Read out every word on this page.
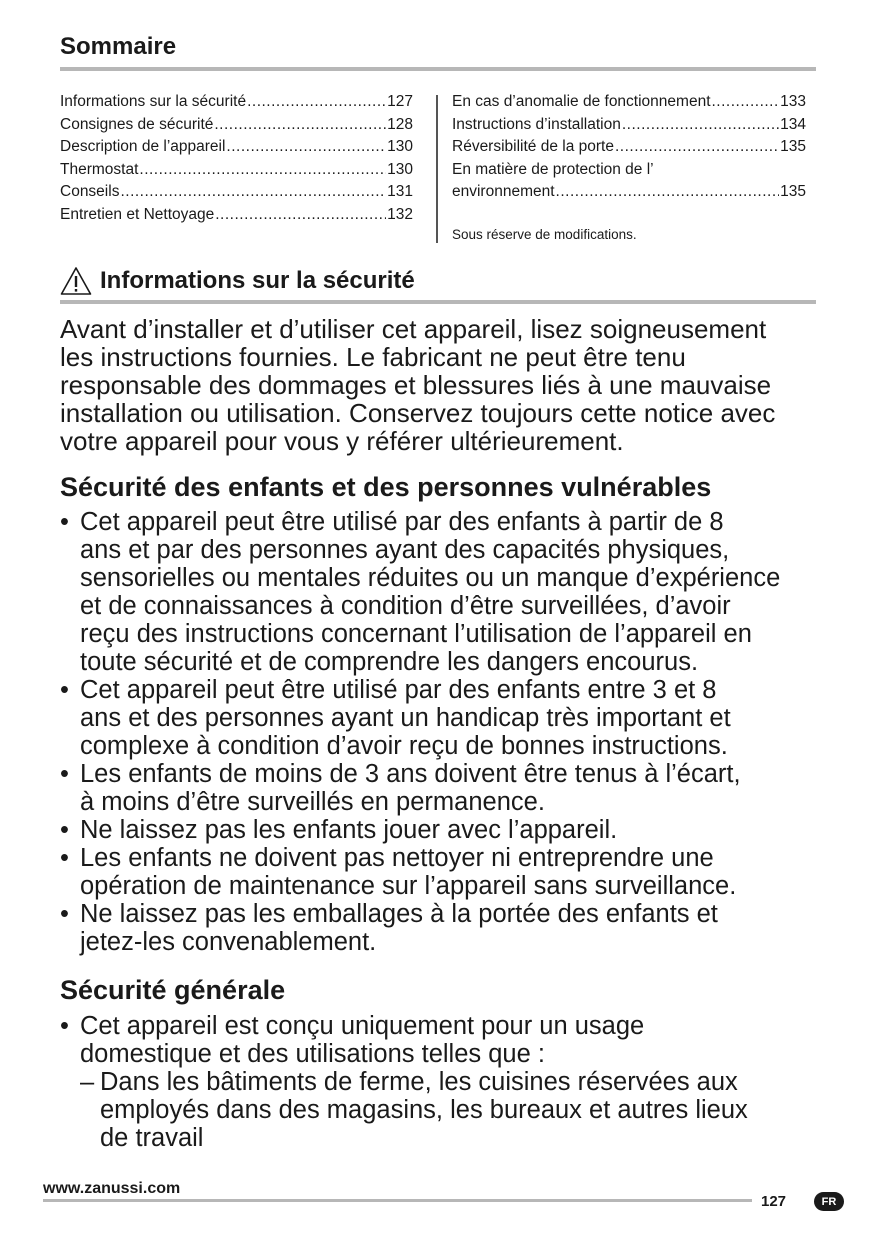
Sommaire
Informations sur la sécurité .....	127
Consignes de sécurité .....	128
Description de l’appareil .....	130
Thermostat .....	130
Conseils .....	131
Entretien et Nettoyage .....	132
En cas d’anomalie de fonctionnement .....	133
Instructions d’installation .....	134
Réversibilité de la porte .....	135
En matière de protection de l’
environnement .....	135
Sous réserve de modifications.
Informations sur la sécurité
Avant d’installer et d’utiliser cet appareil, lisez soigneusement
les instructions fournies. Le fabricant ne peut être tenu
responsable des dommages et blessures liés à une mauvaise
installation ou utilisation. Conservez toujours cette notice avec
votre appareil pour vous y référer ultérieurement.
Sécurité des enfants et des personnes vulnérables
• Cet appareil peut être utilisé par des enfants à partir de 8
ans et par des personnes ayant des capacités physiques,
sensorielles ou mentales réduites ou un manque d’expérience
et de connaissances à condition d’être surveillées, d’avoir
reçu des instructions concernant l’utilisation de l’appareil en
toute sécurité et de comprendre les dangers encourus.
• Cet appareil peut être utilisé par des enfants entre 3 et 8
ans et des personnes ayant un handicap très important et
complexe à condition d’avoir reçu de bonnes instructions.
• Les enfants de moins de 3 ans doivent être tenus à l’écart,
à moins d’être surveillés en permanence.
• Ne laissez pas les enfants jouer avec l’appareil.
• Les enfants ne doivent pas nettoyer ni entreprendre une
opération de maintenance sur l’appareil sans surveillance.
• Ne laissez pas les emballages à la portée des enfants et
jetez-les convenablement.
Sécurité générale
• Cet appareil est conçu uniquement pour un usage
domestique et des utilisations telles que :
– Dans les bâtiments de ferme, les cuisines réservées aux
employés dans des magasins, les bureaux et autres lieux
de travail
www.zanussi.com
127	FR
